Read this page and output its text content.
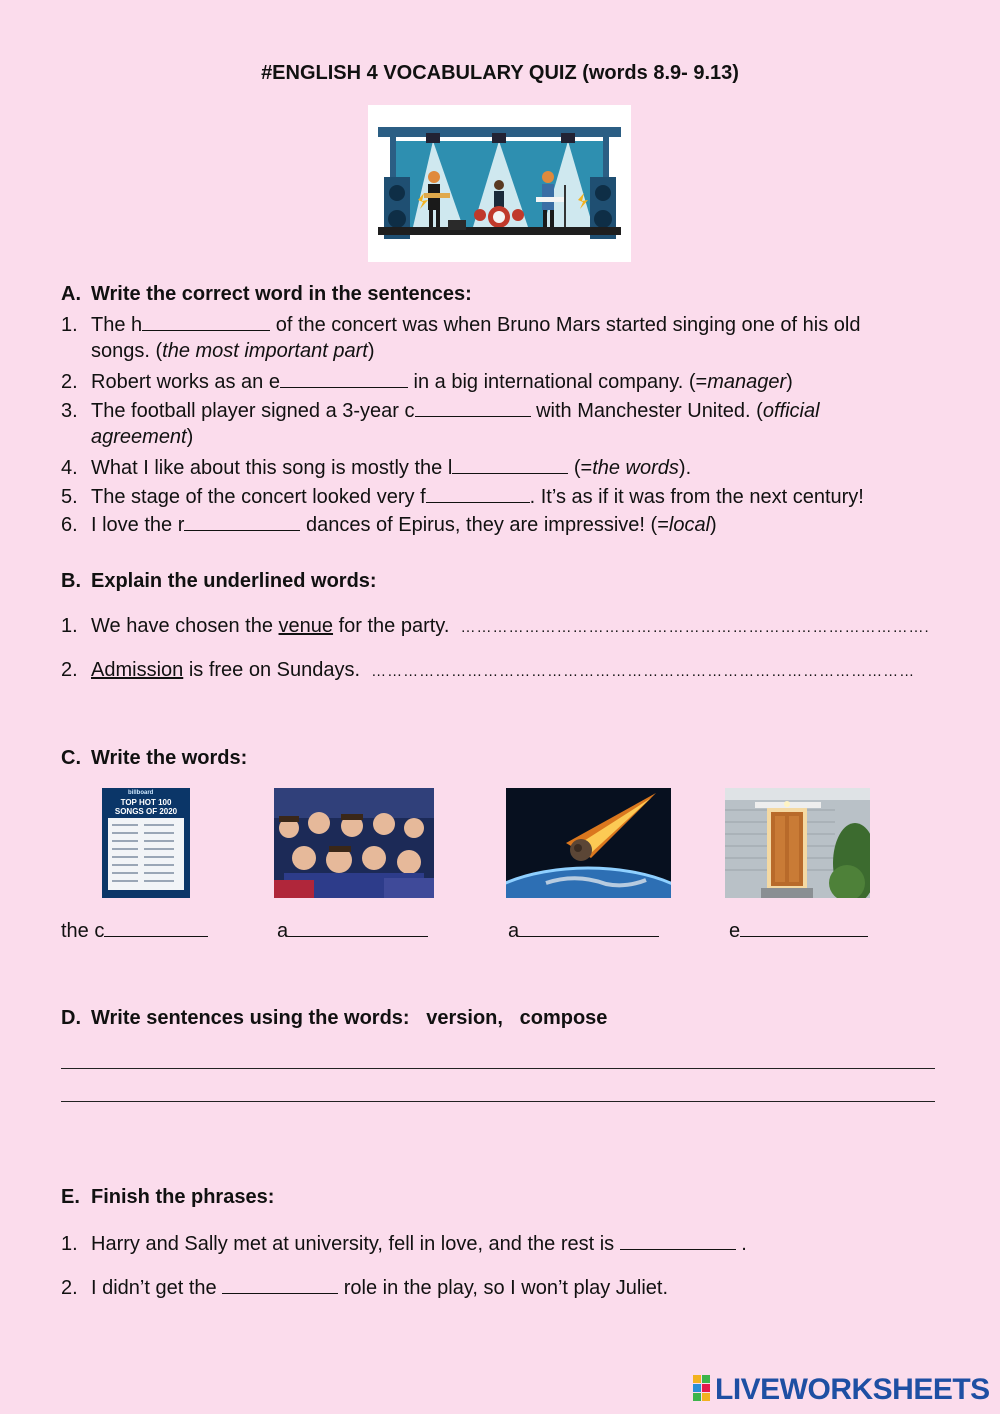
#ENGLISH 4 VOCABULARY QUIZ (words 8.9- 9.13)
A. Write the correct word in the sentences:
1. The h	of the concert was when Bruno Mars started singing one of his old
songs. (the most important part)
2. Robert works as an e	in a big international company. (=manager)
3. The football player signed a 3-year c	with Manchester United. (official
agreement)
4. What I like about this song is mostly the l	(=the words).
5. The stage of the concert looked very f	. It’s as if it was from the next century!
6. I love the r	dances of Epirus, they are impressive! (=local)
B. Explain the underlined words:
1. We have chosen the venue for the party. …………………………………………………………………………….
2. Admission is free on Sundays. …………………………………………………………………………………………
C. Write the words:
billboard
TOP HOT 100 SONGS OF 2020
the c	a	a	e
D. Write sentences using the words:   version,   compose
E. Finish the phrases:
1. Harry and Sally met at university, fell in love, and the rest is	.
2. I didn’t get the	role in the play, so I won’t play Juliet.
LIVEWORKSHEETS
